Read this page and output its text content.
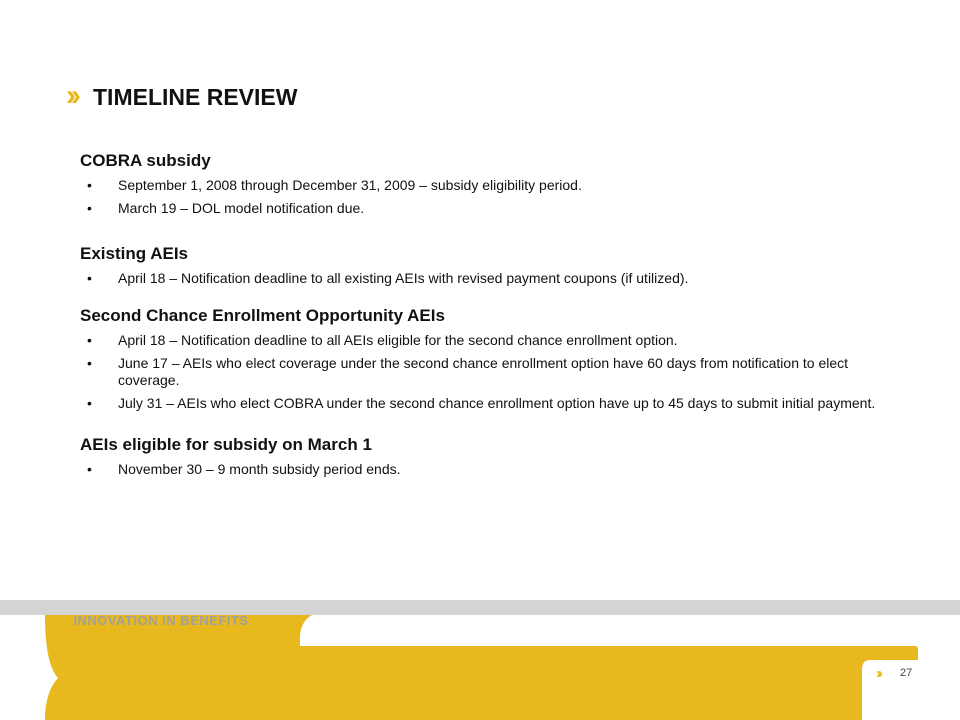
›› TIMELINE REVIEW
COBRA subsidy
• September 1, 2008 through December 31, 2009 – subsidy eligibility period.
• March 19 – DOL model notification due.
Existing AEIs
• April 18 – Notification deadline to all existing AEIs with revised payment coupons (if utilized).
Second Chance Enrollment Opportunity AEIs
• April 18 – Notification deadline to all AEIs eligible for the second chance enrollment option.
• June 17 – AEIs who elect coverage under the second chance enrollment option have 60 days from notification to elect coverage.
• July 31 – AEIs who elect COBRA under the second chance enrollment option have up to 45 days to submit initial payment.
AEIs eligible for subsidy on March 1
• November 30 – 9 month subsidy period ends.
›› INNOVATION IN BENEFITS
©2009 Trion. All Rights Reserved.
›› 27
